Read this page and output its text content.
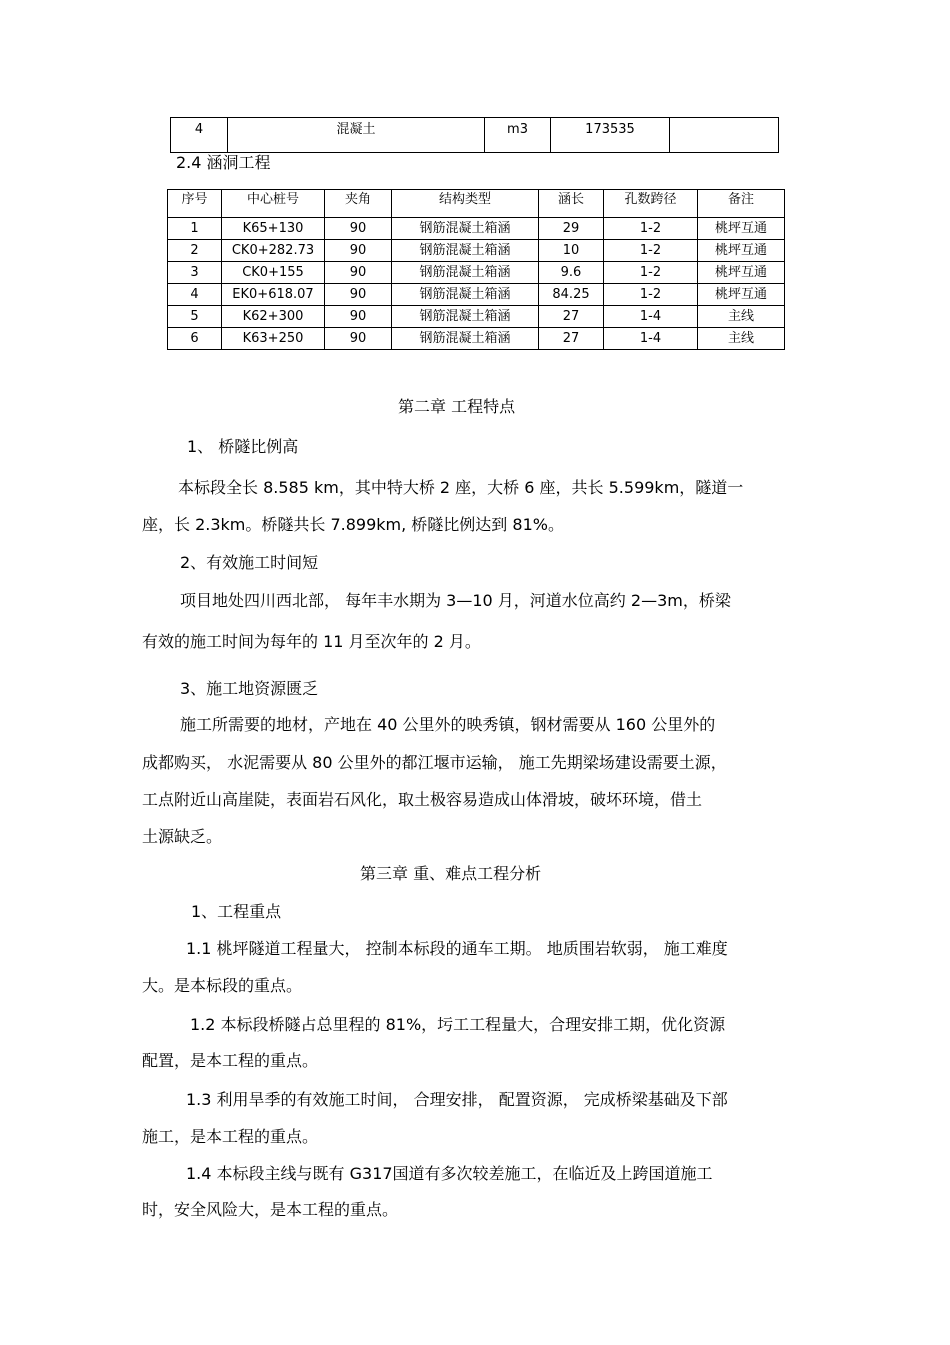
4	混凝土	m3	173535	
2.4 涵洞工程
序号	中心桩号	夹角	结构类型	涵长	孔数跨径	备注
1	K65+130	90	钢筋混凝土箱涵	29	1-2	桃坪互通
2	CK0+282.73	90	钢筋混凝土箱涵	10	1-2	桃坪互通
3	CK0+155	90	钢筋混凝土箱涵	9.6	1-2	桃坪互通
4	EK0+618.07	90	钢筋混凝土箱涵	84.25	1-2	桃坪互通
5	K62+300	90	钢筋混凝土箱涵	27	1-4	主线
6	K63+250	90	钢筋混凝土箱涵	27	1-4	主线
第二章 工程特点
1、 桥隧比例高
本标段全长 8.585 km，其中特大桥 2 座，大桥 6 座，共长 5.599km，隧道一
座，长 2.3km。桥隧共长 7.899km, 桥隧比例达到 81%。
2、有效施工时间短
项目地处四川西北部， 每年丰水期为 3—10 月，河道水位高约 2—3m，桥梁
有效的施工时间为每年的 11 月至次年的 2 月。
3、施工地资源匮乏
施工所需要的地材，产地在 40 公里外的映秀镇，钢材需要从 160 公里外的
成都购买， 水泥需要从 80 公里外的都江堰市运输， 施工先期梁场建设需要土源，
工点附近山高崖陡，表面岩石风化，取土极容易造成山体滑坡，破坏环境，借土
土源缺乏。
第三章 重、难点工程分析
1、工程重点
1.1 桃坪隧道工程量大， 控制本标段的通车工期。 地质围岩软弱， 施工难度
大。是本标段的重点。
1.2 本标段桥隧占总里程的 81%，圬工工程量大，合理安排工期，优化资源
配置，是本工程的重点。
1.3 利用旱季的有效施工时间， 合理安排， 配置资源， 完成桥梁基础及下部
施工，是本工程的重点。
1.4 本标段主线与既有 G317国道有多次较差施工，在临近及上跨国道施工
时，安全风险大，是本工程的重点。
